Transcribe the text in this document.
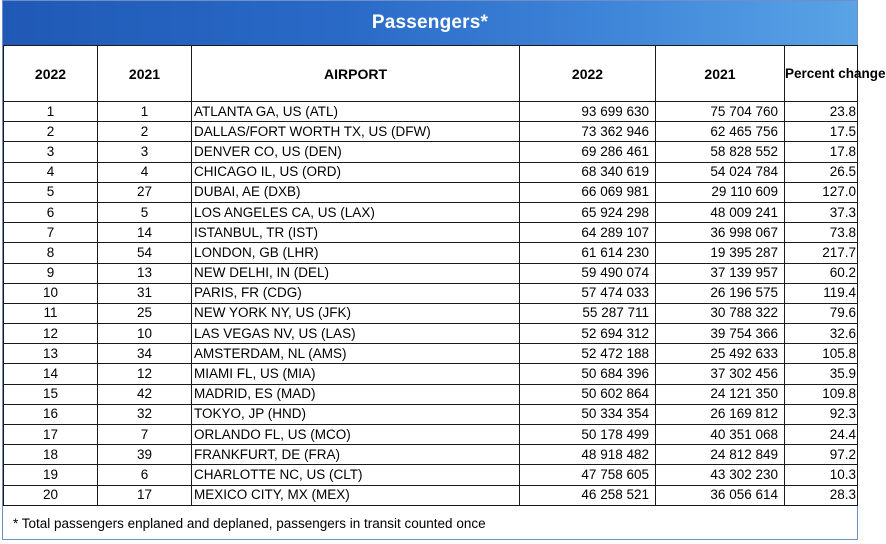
Passengers*
2022	2021	AIRPORT	2022	2021	Percent change
1	1	ATLANTA GA, US (ATL)	93 699 630	75 704 760	23.8
2	2	DALLAS/FORT WORTH TX, US (DFW)	73 362 946	62 465 756	17.5
3	3	DENVER CO, US (DEN)	69 286 461	58 828 552	17.8
4	4	CHICAGO IL, US (ORD)	68 340 619	54 024 784	26.5
5	27	DUBAI, AE (DXB)	66 069 981	29 110 609	127.0
6	5	LOS ANGELES CA, US (LAX)	65 924 298	48 009 241	37.3
7	14	ISTANBUL, TR (IST)	64 289 107	36 998 067	73.8
8	54	LONDON, GB (LHR)	61 614 230	19 395 287	217.7
9	13	NEW DELHI, IN (DEL)	59 490 074	37 139 957	60.2
10	31	PARIS, FR (CDG)	57 474 033	26 196 575	119.4
11	25	NEW YORK NY, US (JFK)	55 287 711	30 788 322	79.6
12	10	LAS VEGAS NV, US (LAS)	52 694 312	39 754 366	32.6
13	34	AMSTERDAM, NL (AMS)	52 472 188	25 492 633	105.8
14	12	MIAMI FL, US (MIA)	50 684 396	37 302 456	35.9
15	42	MADRID, ES (MAD)	50 602 864	24 121 350	109.8
16	32	TOKYO, JP (HND)	50 334 354	26 169 812	92.3
17	7	ORLANDO FL, US (MCO)	50 178 499	40 351 068	24.4
18	39	FRANKFURT, DE (FRA)	48 918 482	24 812 849	97.2
19	6	CHARLOTTE NC, US (CLT)	47 758 605	43 302 230	10.3
20	17	MEXICO CITY, MX (MEX)	46 258 521	36 056 614	28.3
* Total passengers enplaned and deplaned, passengers in transit counted once
